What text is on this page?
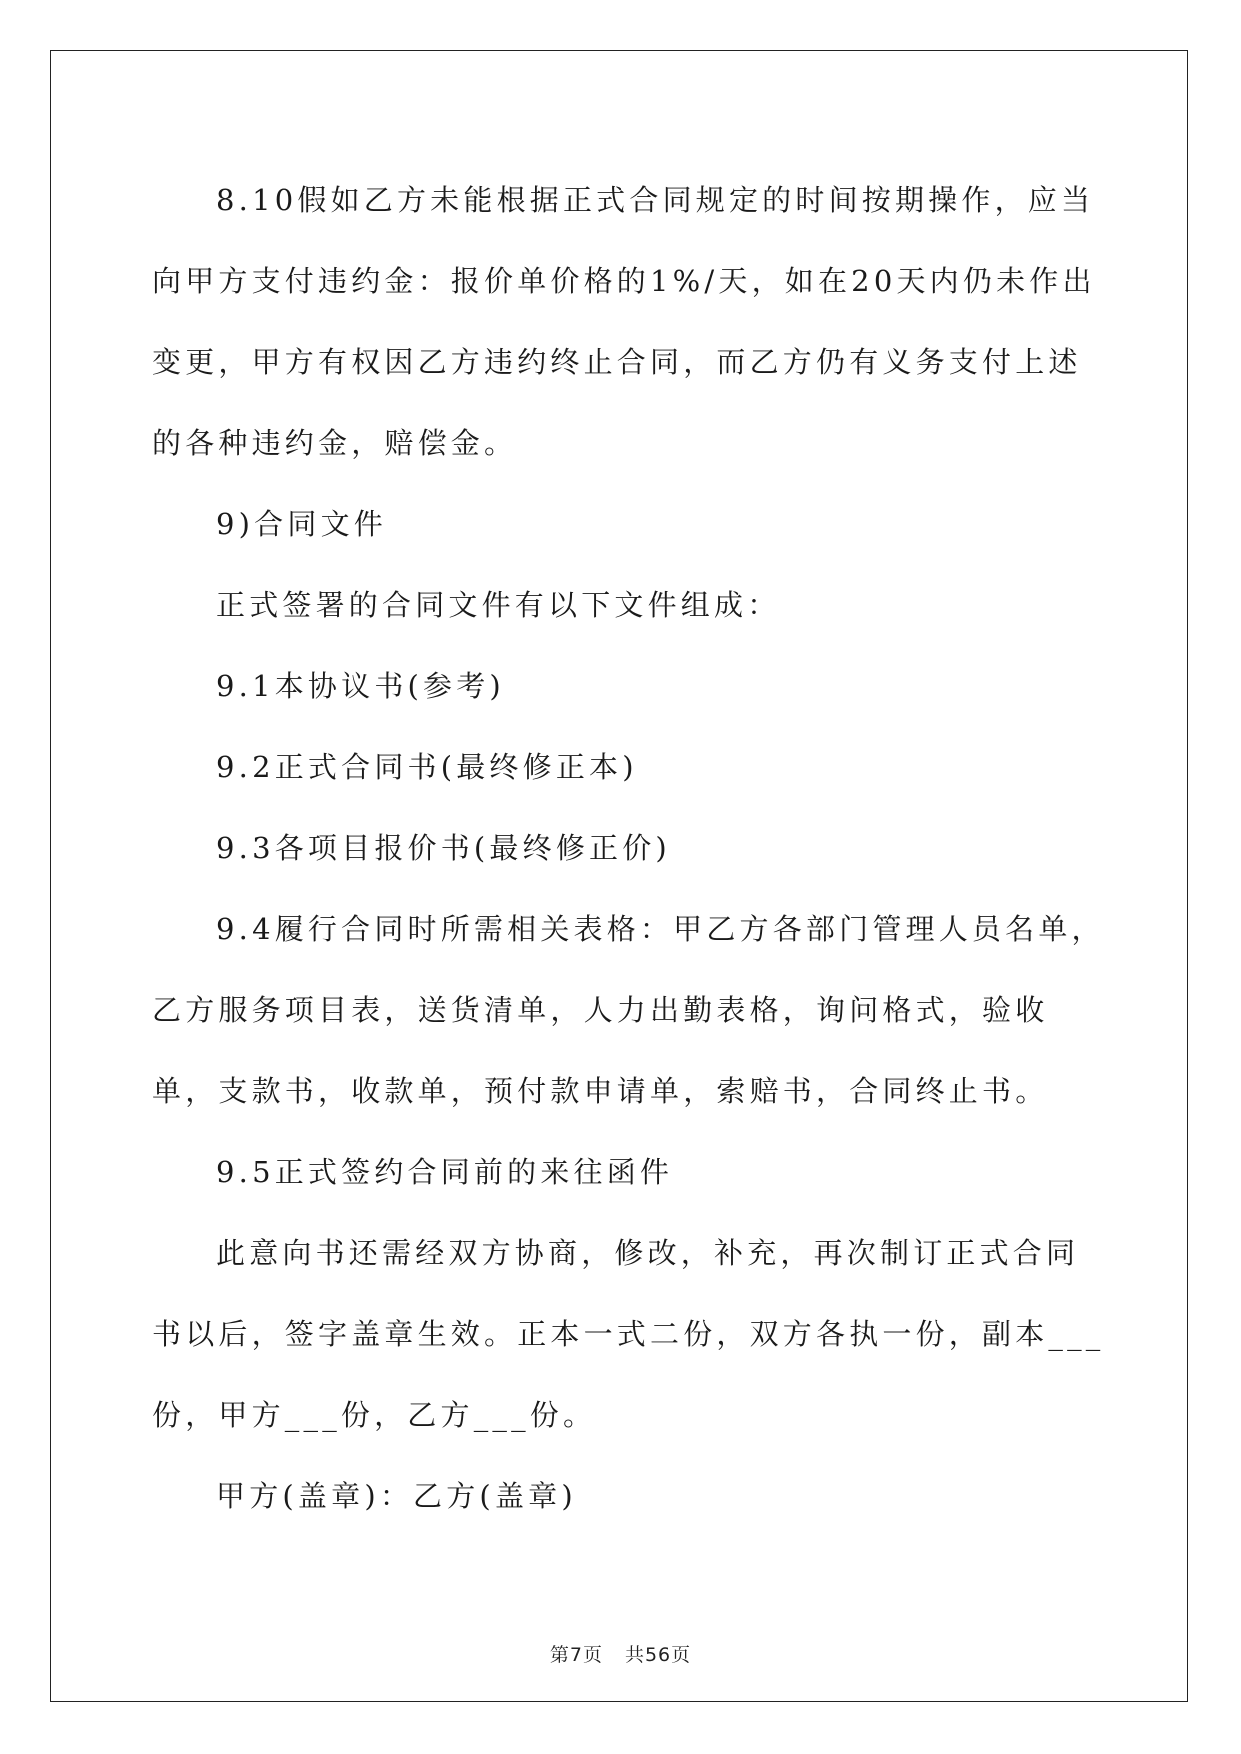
8.10假如乙方未能根据正式合同规定的时间按期操作，应当向甲方支付违约金：报价单价格的1%/天，如在20天内仍未作出变更，甲方有权因乙方违约终止合同，而乙方仍有义务支付上述的各种违约金，赔偿金。

9)合同文件

正式签署的合同文件有以下文件组成：

9.1本协议书(参考)

9.2正式合同书(最终修正本)

9.3各项目报价书(最终修正价)

9.4履行合同时所需相关表格：甲乙方各部门管理人员名单，乙方服务项目表，送货清单，人力出勤表格，询问格式，验收单，支款书，收款单，预付款申请单，索赔书，合同终止书。

9.5正式签约合同前的来往函件

此意向书还需经双方协商，修改，补充，再次制订正式合同书以后，签字盖章生效。正本一式二份，双方各执一份，副本___份，甲方___份，乙方___份。

甲方(盖章)：乙方(盖章)

第7页 共56页
